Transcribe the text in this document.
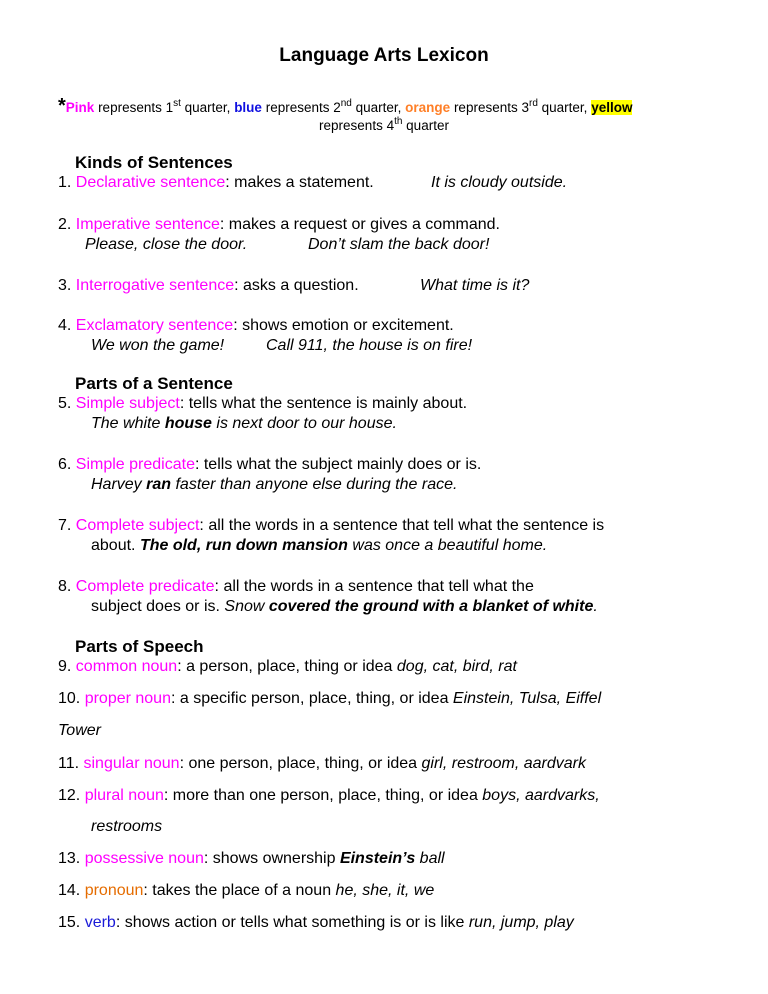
Language Arts Lexicon
*Pink represents 1st quarter, blue represents 2nd quarter, orange represents 3rd quarter, yellow
represents 4th quarter
Kinds of Sentences
1. Declarative sentence: makes a statement.	It is cloudy outside.
2. Imperative sentence: makes a request or gives a command.
Please, close the door.	Don’t slam the back door!
3. Interrogative sentence: asks a question.	What time is it?
4. Exclamatory sentence: shows emotion or excitement.
We won the game!	Call 911, the house is on fire!
Parts of a Sentence
5. Simple subject: tells what the sentence is mainly about.
The white house is next door to our house.
6. Simple predicate: tells what the subject mainly does or is.
Harvey ran faster than anyone else during the race.
7. Complete subject: all the words in a sentence that tell what the sentence is
about. The old, run down mansion was once a beautiful home.
8. Complete predicate: all the words in a sentence that tell what the
subject does or is. Snow covered the ground with a blanket of white.
Parts of Speech
9. common noun: a person, place, thing or idea dog, cat, bird, rat
10. proper noun: a specific person, place, thing, or idea Einstein, Tulsa, Eiffel
Tower
11. singular noun: one person, place, thing, or idea girl, restroom, aardvark
12. plural noun: more than one person, place, thing, or idea boys, aardvarks,
restrooms
13. possessive noun: shows ownership Einstein’s ball
14. pronoun: takes the place of a noun he, she, it, we
15. verb: shows action or tells what something is or is like run, jump, play
